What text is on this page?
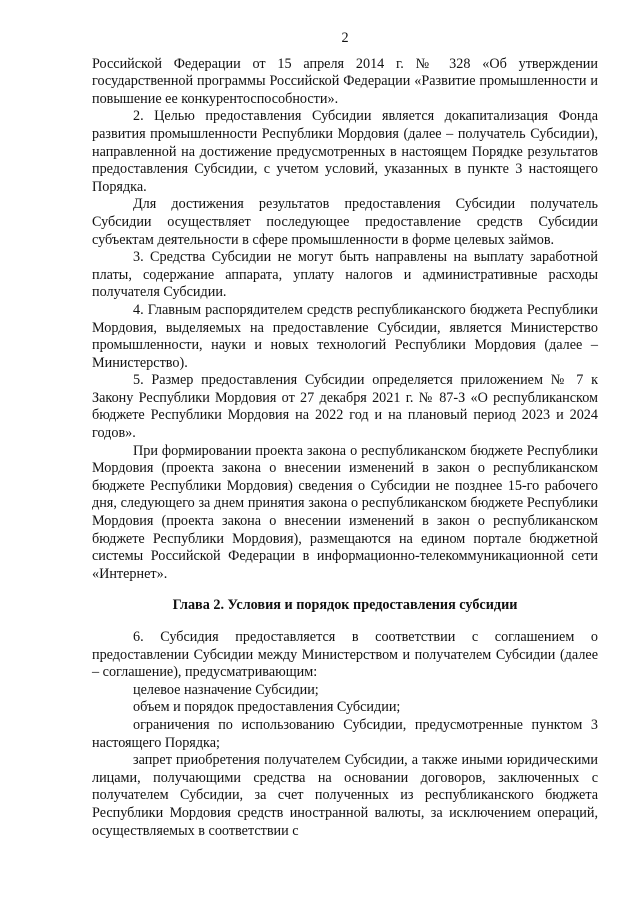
2

Российской Федерации от 15 апреля 2014 г. № 328 «Об утверждении государственной программы Российской Федерации «Развитие промышленности и повышение ее конкурентоспособности».

2. Целью предоставления Субсидии является докапитализация Фонда развития промышленности Республики Мордовия (далее – получатель Субсидии), направленной на достижение предусмотренных в настоящем Порядке результатов предоставления Субсидии, с учетом условий, указанных в пункте 3 настоящего Порядка.

Для достижения результатов предоставления Субсидии получатель Субсидии осуществляет последующее предоставление средств Субсидии субъектам деятельности в сфере промышленности в форме целевых займов.

3. Средства Субсидии не могут быть направлены на выплату заработной платы, содержание аппарата, уплату налогов и административные расходы получателя Субсидии.

4. Главным распорядителем средств республиканского бюджета Республики Мордовия, выделяемых на предоставление Субсидии, является Министерство промышленности, науки и новых технологий Республики Мордовия (далее – Министерство).

5. Размер предоставления Субсидии определяется приложением № 7 к Закону Республики Мордовия от 27 декабря 2021 г. № 87-З «О республиканском бюджете Республики Мордовия на 2022 год и на плановый период 2023 и 2024 годов».

При формировании проекта закона о республиканском бюджете Республики Мордовия (проекта закона о внесении изменений в закон о республиканском бюджете Республики Мордовия) сведения о Субсидии не позднее 15-го рабочего дня, следующего за днем принятия закона о республиканском бюджете Республики Мордовия (проекта закона о внесении изменений в закон о республиканском бюджете Республики Мордовия), размещаются на едином портале бюджетной системы Российской Федерации в информационно-телекоммуникационной сети «Интернет».

Глава 2. Условия и порядок предоставления субсидии

6. Субсидия предоставляется в соответствии с соглашением о предоставлении Субсидии между Министерством и получателем Субсидии (далее – соглашение), предусматривающим:

целевое назначение Субсидии;

объем и порядок предоставления Субсидии;

ограничения по использованию Субсидии, предусмотренные пунктом 3 настоящего Порядка;

запрет приобретения получателем Субсидии, а также иными юридическими лицами, получающими средства на основании договоров, заключенных с получателем Субсидии, за счет полученных из республиканского бюджета Республики Мордовия средств иностранной валюты, за исключением операций, осуществляемых в соответствии с
